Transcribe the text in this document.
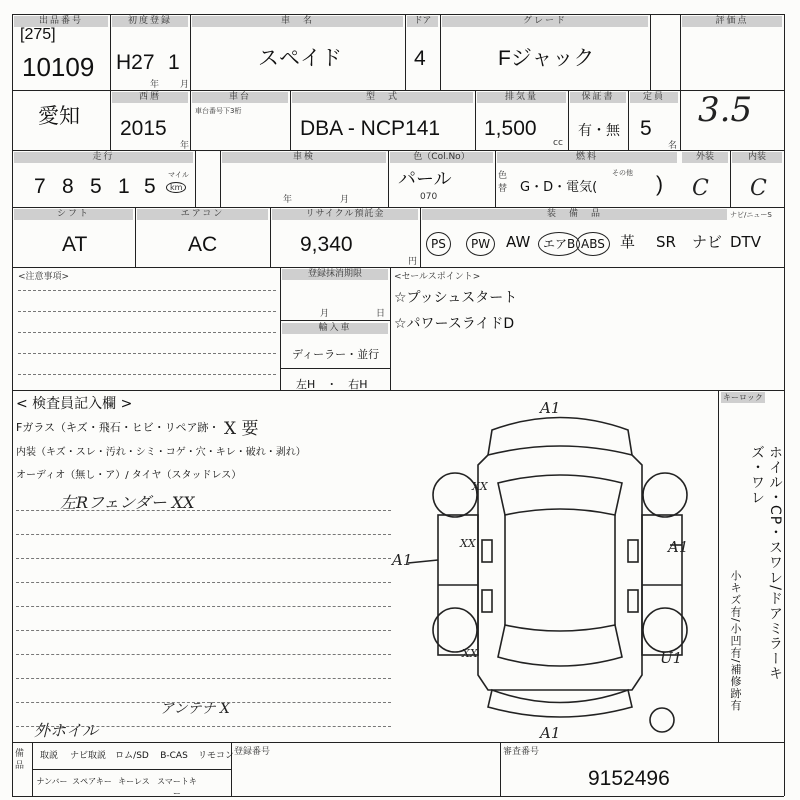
出品番号
[275]
10109
初度登録
H27 1
年 月
車　名
スペイド
ドア
4
グレード
Fジャック
評価点
3.5
愛知
西暦
2015
年
車台
車台番号下3桁
型　式
DBA - NCP141
排気量
1,500
cc
保証書
有・無
定員
5
名
走行
7 8 5 1 5 マイル
km
車検
年	月
色（Col.No）
パール
070
色替
燃料
G・D・電気(
その他 )
外装
C
内装
C
シフト
AT
エアコン
AC
リサイクル預託金
9,340
円
装　備　品	ナビ/ニューS
PS	PW	AW	エアB ABS	革 SR ナビ DTV
<注意事項>	登録抹消期限
月	日
輸入車
ディーラー・並行
左H　・　右H
<セールスポイント>
☆プッシュスタート
☆パワースライドD
< 検査員記入欄 >
Fガラス（キズ・飛石・ヒビ・リペア跡・ X 要
内装（キズ・スレ・汚れ・シミ・コゲ・穴・キレ・破れ・剥れ）
オーディオ（無し・ア）/ タイヤ（スタッドレス）
左Rフェンダー XX
アンテナ X
外ホイル
A1
A1
A1
A1
U1
XX
XX
XX
キーロック
ホイル・CP・スワレ/ドアミラーキズ・ワレ
小キズ有/小凹有/補修跡有
備品
取説	ナビ取説	ロム/SD	B-CAS	リモコン
ナンバー スペアキー キーレス スマートキー
登録番号	審査番号
9152496
